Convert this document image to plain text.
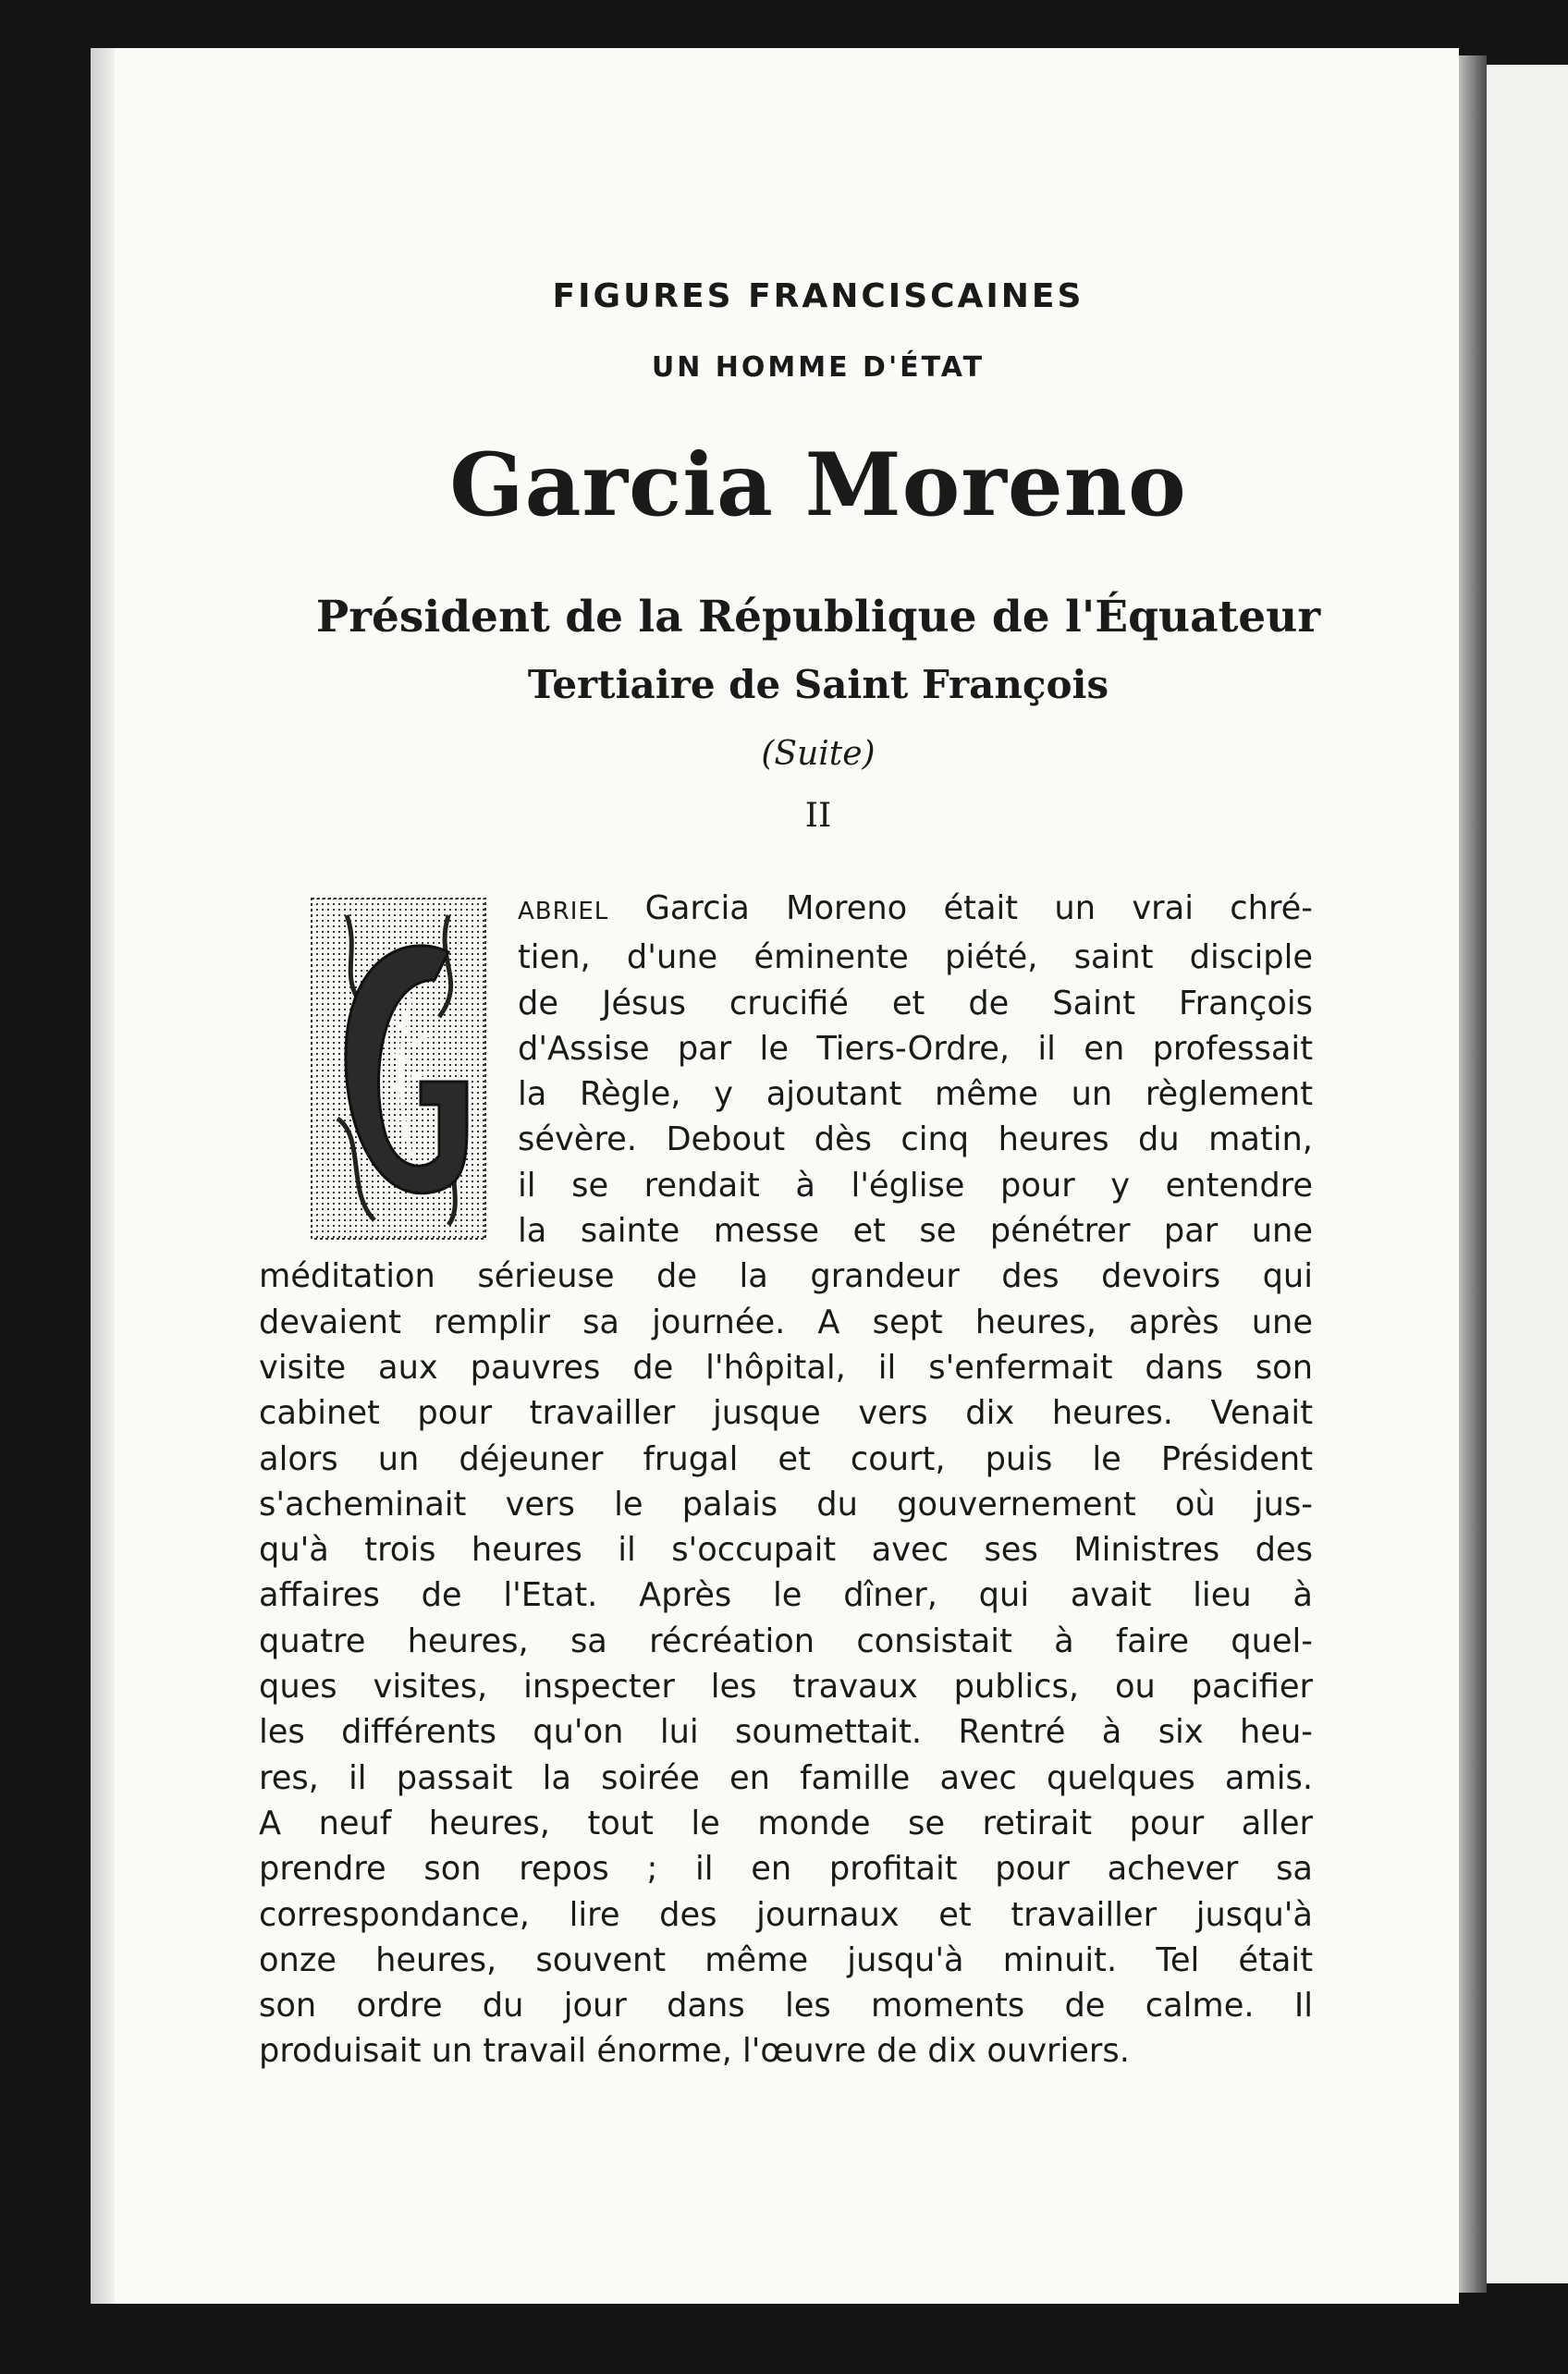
FIGURES FRANCISCAINES
UN HOMME D'ÉTAT
Garcia Moreno
Président de la République de l'Équateur
Tertiaire de Saint François
(Suite)
II
ABRIEL Garcia Moreno était un vrai chré-
tien, d'une éminente piété, saint disciple
de Jésus crucifié et de Saint François
d'Assise par le Tiers-Ordre, il en professait
la Règle, y ajoutant même un règlement
sévère. Debout dès cinq heures du matin,
il se rendait à l'église pour y entendre
la sainte messe et se pénétrer par une
méditation sérieuse de la grandeur des devoirs qui
devaient remplir sa journée. A sept heures, après une
visite aux pauvres de l'hôpital, il s'enfermait dans son
cabinet pour travailler jusque vers dix heures. Venait
alors un déjeuner frugal et court, puis le Président
s'acheminait vers le palais du gouvernement où jus-
qu'à trois heures il s'occupait avec ses Ministres des
affaires de l'Etat. Après le dîner, qui avait lieu à
quatre heures, sa récréation consistait à faire quel-
ques visites, inspecter les travaux publics, ou pacifier
les différents qu'on lui soumettait. Rentré à six heu-
res, il passait la soirée en famille avec quelques amis.
A neuf heures, tout le monde se retirait pour aller
prendre son repos ; il en profitait pour achever sa
correspondance, lire des journaux et travailler jusqu'à
onze heures, souvent même jusqu'à minuit. Tel était
son ordre du jour dans les moments de calme. Il
produisait un travail énorme, l'œuvre de dix ouvriers.
